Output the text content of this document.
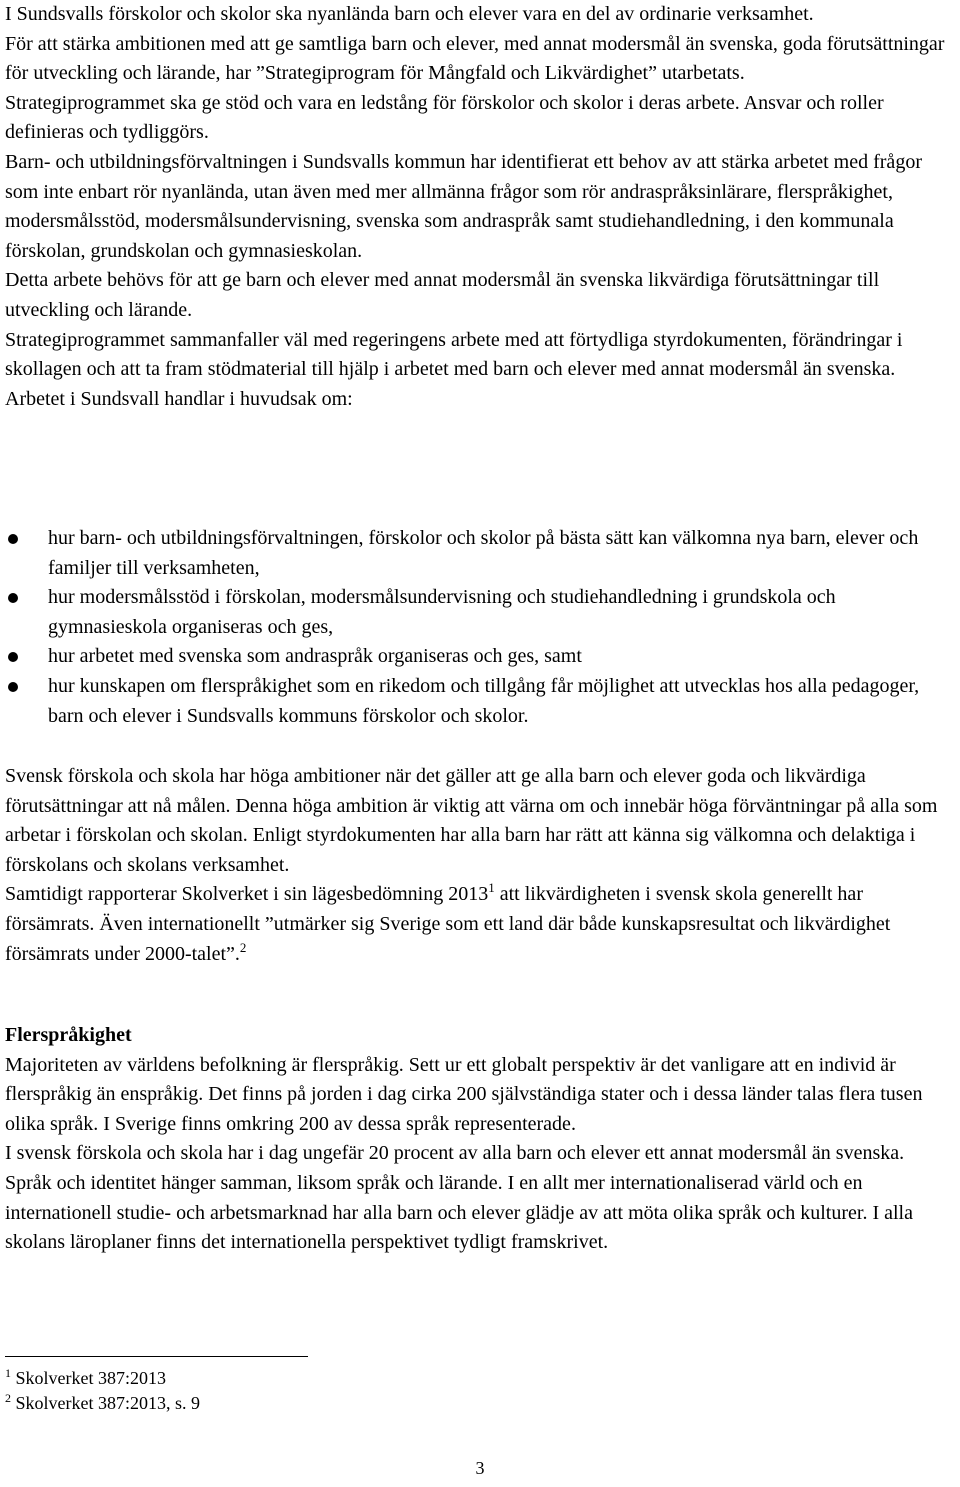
I Sundsvalls förskolor och skolor ska nyanlända barn och elever vara en del av ordinarie verksamhet.

För att stärka ambitionen med att ge samtliga barn och elever, med annat modersmål än svenska, goda förutsättningar för utveckling och lärande, har ”Strategiprogram för Mångfald och Likvärdighet” utarbetats.

Strategiprogrammet ska ge stöd och vara en ledstång för förskolor och skolor i deras arbete. Ansvar och roller definieras och tydliggörs.

Barn- och utbildningsförvaltningen i Sundsvalls kommun har identifierat ett behov av att stärka arbetet med frågor som inte enbart rör nyanlända, utan även med mer allmänna frågor som rör andraspråksinlärare, flerspråkighet, modersmålsstöd, modersmålsundervisning, svenska som andraspråk samt studiehandledning, i den kommunala förskolan, grundskolan och gymnasieskolan.

Detta arbete behövs för att ge barn och elever med annat modersmål än svenska likvärdiga förutsättningar till utveckling och lärande.

Strategiprogrammet sammanfaller väl med regeringens arbete med att förtydliga styrdokumenten, förändringar i skollagen och att ta fram stödmaterial till hjälp i arbetet med barn och elever med annat modersmål än svenska.

Arbetet i Sundsvall handlar i huvudsak om:

hur barn- och utbildningsförvaltningen, förskolor och skolor på bästa sätt kan välkomna nya barn, elever och familjer till verksamheten,
hur modersmålsstöd i förskolan, modersmålsundervisning och studiehandledning i grundskola och gymnasieskola organiseras och ges,
hur arbetet med svenska som andraspråk organiseras och ges, samt
hur kunskapen om flerspråkighet som en rikedom och tillgång får möjlighet att utvecklas hos alla pedagoger, barn och elever i Sundsvalls kommuns förskolor och skolor.

Svensk förskola och skola har höga ambitioner när det gäller att ge alla barn och elever goda och likvärdiga förutsättningar att nå målen. Denna höga ambition är viktig att värna om och innebär höga förväntningar på alla som arbetar i förskolan och skolan. Enligt styrdokumenten har alla barn har rätt att känna sig välkomna och delaktiga i förskolans och skolans verksamhet.

Samtidigt rapporterar Skolverket i sin lägesbedömning 2013$^1$ att likvärdigheten i svensk skola generellt har försämrats. Även internationellt ”utmärker sig Sverige som ett land där både kunskapsresultat och likvärdighet försämrats under 2000-talet”.$^2$

Flerspråkighet

Majoriteten av världens befolkning är flerspråkig. Sett ur ett globalt perspektiv är det vanligare att en individ är flerspråkig än enspråkig. Det finns på jorden i dag cirka 200 självständiga stater och i dessa länder talas flera tusen olika språk. I Sverige finns omkring 200 av dessa språk representerade.

I svensk förskola och skola har i dag ungefär 20 procent av alla barn och elever ett annat modersmål än svenska. Språk och identitet hänger samman, liksom språk och lärande. I en allt mer internationaliserad värld och en internationell studie- och arbetsmarknad har alla barn och elever glädje av att möta olika språk och kulturer. I alla skolans läroplaner finns det internationella perspektivet tydligt framskrivet.

$^1$ Skolverket 387:2013
$^2$ Skolverket 387:2013, s. 9
3
